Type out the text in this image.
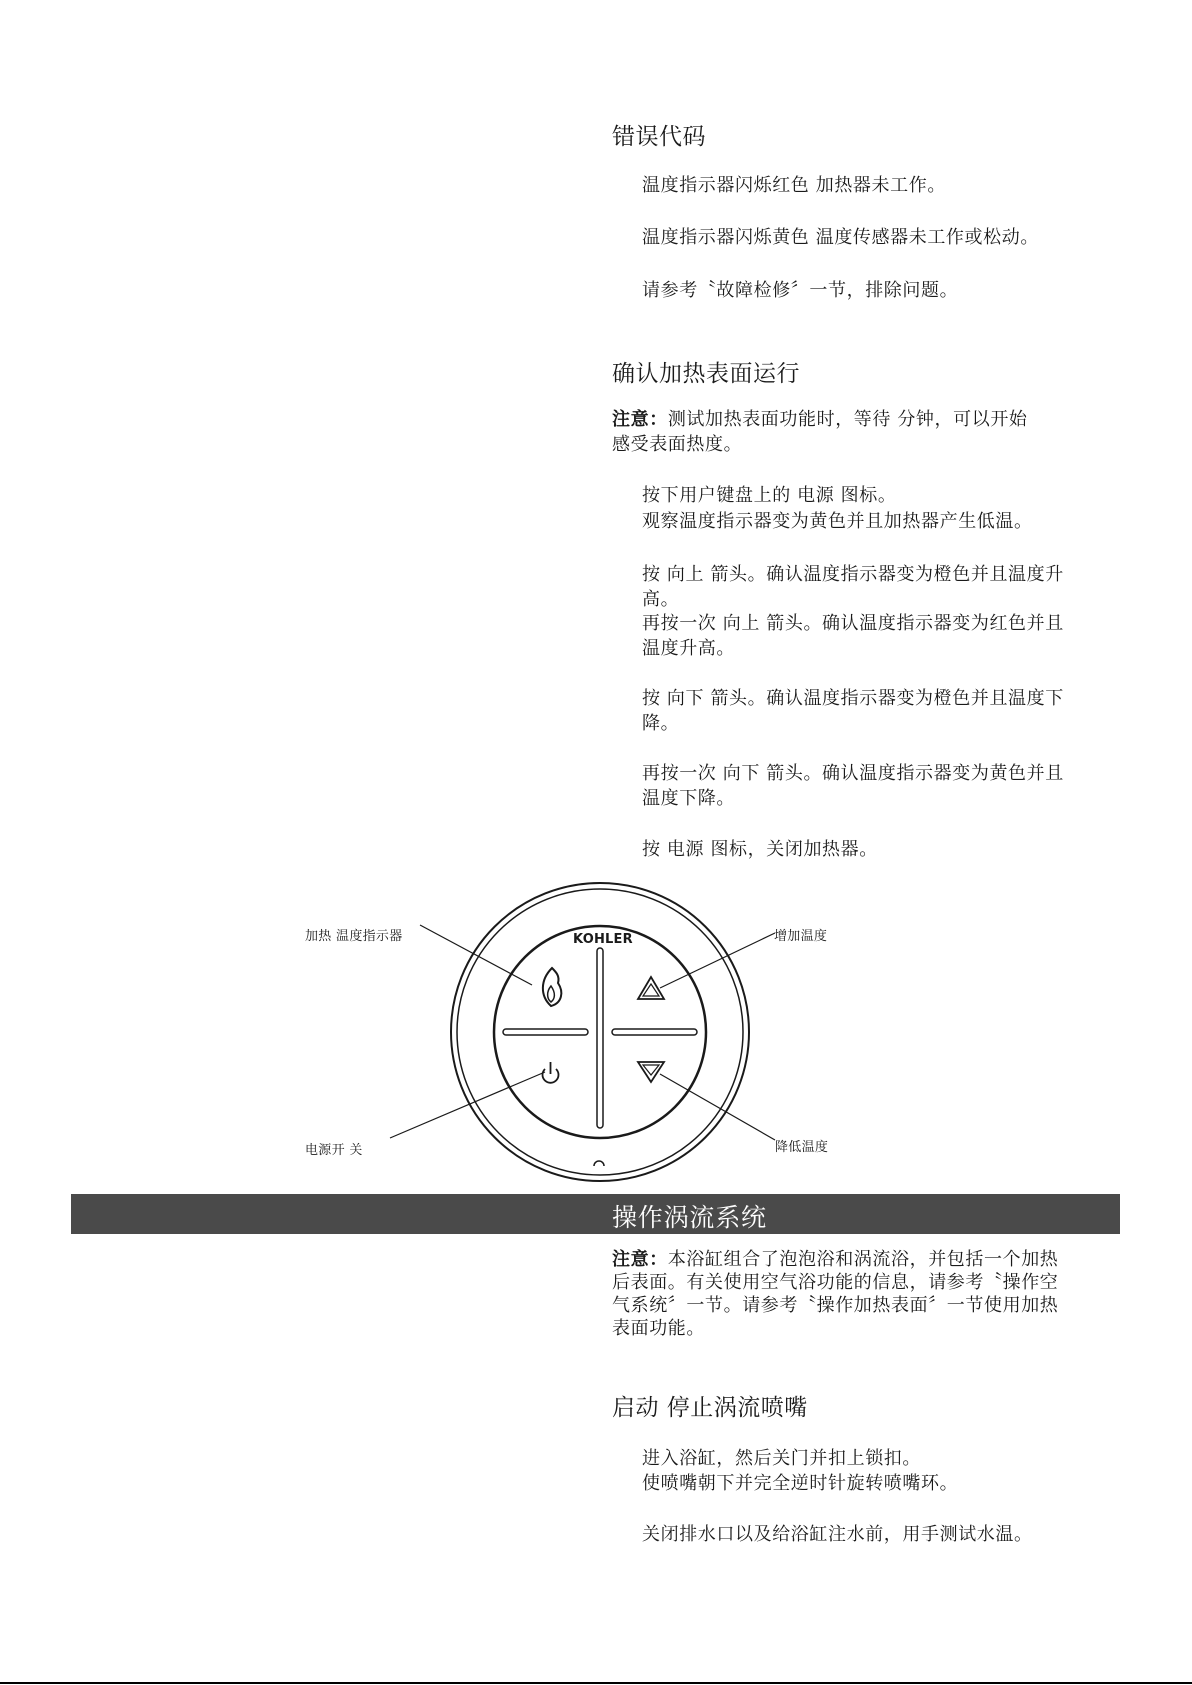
错误代码
温度指示器闪烁红色 加热器未工作。
温度指示器闪烁黄色 温度传感器未工作或松动。
请参考〝故障检修〞一节，排除问题。
确认加热表面运行
注意：测试加热表面功能时，等待 分钟，可以开始
感受表面热度。
按下用户键盘上的 电源 图标。
观察温度指示器变为黄色并且加热器产生低温。
按 向上 箭头。确认温度指示器变为橙色并且温度升
高。
再按一次 向上 箭头。确认温度指示器变为红色并且
温度升高。
按 向下 箭头。确认温度指示器变为橙色并且温度下
降。
再按一次 向下 箭头。确认温度指示器变为黄色并且
温度下降。
按 电源 图标，关闭加热器。
KOHLER
加热 温度指示器	增加温度
电源开 关	降低温度
操作涡流系统
注意：本浴缸组合了泡泡浴和涡流浴，并包括一个加热
后表面。有关使用空气浴功能的信息，请参考〝操作空
气系统〞一节。请参考〝操作加热表面〞一节使用加热
表面功能。
启动 停止涡流喷嘴
进入浴缸，然后关门并扣上锁扣。
使喷嘴朝下并完全逆时针旋转喷嘴环。
关闭排水口以及给浴缸注水前，用手测试水温。
